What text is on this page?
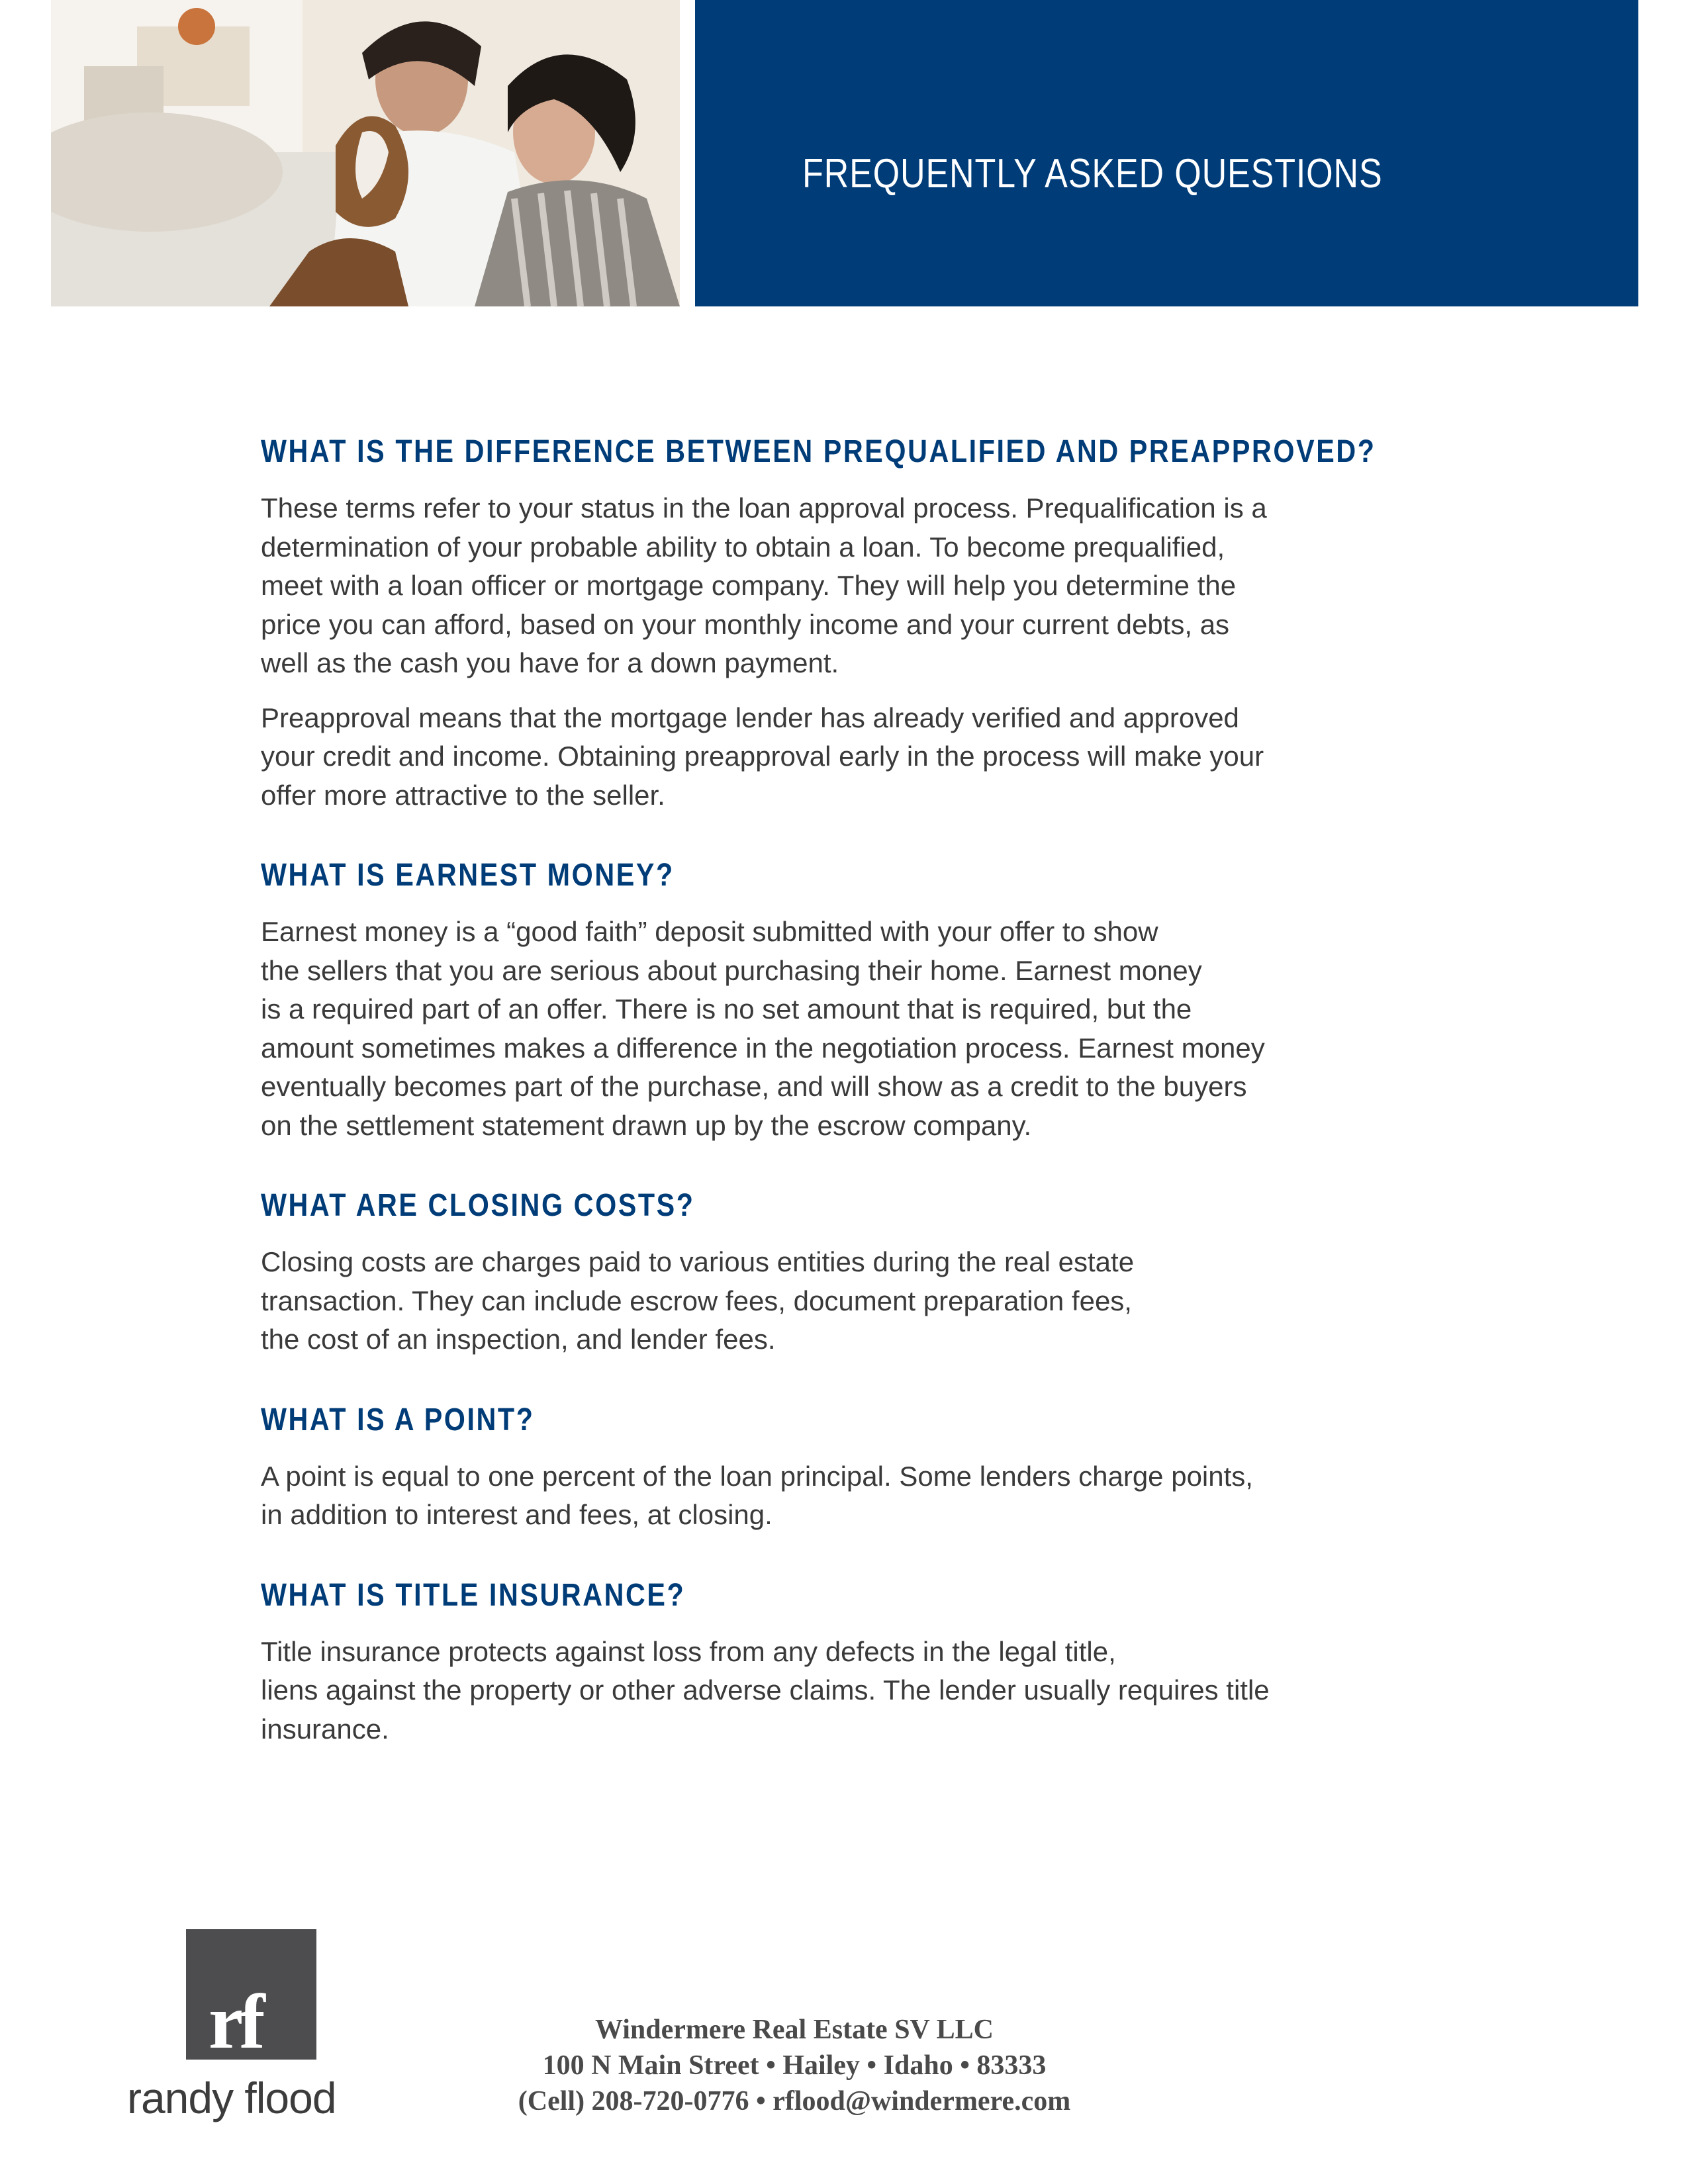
FREQUENTLY ASKED QUESTIONS
WHAT IS THE DIFFERENCE BETWEEN PREQUALIFIED AND PREAPPROVED?
These terms refer to your status in the loan approval process. Prequalification is a
determination of your probable ability to obtain a loan. To become prequalified,
meet with a loan officer or mortgage company. They will help you determine the
price you can afford, based on your monthly income and your current debts, as
well as the cash you have for a down payment.
Preapproval means that the mortgage lender has already verified and approved
your credit and income. Obtaining preapproval early in the process will make your
offer more attractive to the seller.
WHAT IS EARNEST MONEY?
Earnest money is a “good faith” deposit submitted with your offer to show
the sellers that you are serious about purchasing their home. Earnest money
is a required part of an offer. There is no set amount that is required, but the
amount sometimes makes a difference in the negotiation process. Earnest money
eventually becomes part of the purchase, and will show as a credit to the buyers
on the settlement statement drawn up by the escrow company.
WHAT ARE CLOSING COSTS?
Closing costs are charges paid to various entities during the real estate
transaction. They can include escrow fees, document preparation fees,
the cost of an inspection, and lender fees.
WHAT IS A POINT?
A point is equal to one percent of the loan principal. Some lenders charge points,
in addition to interest and fees, at closing.
WHAT IS TITLE INSURANCE?
Title insurance protects against loss from any defects in the legal title,
liens against the property or other adverse claims. The lender usually requires title
insurance.
rf
randy flood
Windermere Real Estate SV LLC
100 N Main Street • Hailey • Idaho • 83333
(Cell) 208-720-0776 • rflood@windermere.com
